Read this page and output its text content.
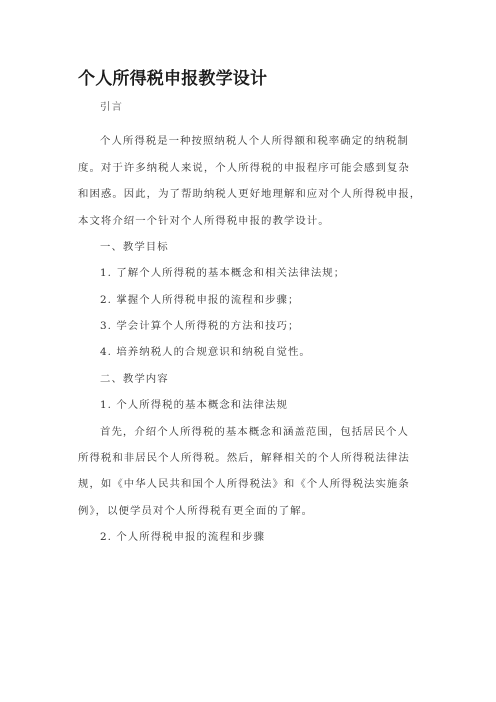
个人所得税申报教学设计
引言
个人所得税是一种按照纳税人个人所得额和税率确定的纳税制
度。对于许多纳税人来说，个人所得税的申报程序可能会感到复杂
和困惑。因此，为了帮助纳税人更好地理解和应对个人所得税申报，
本文将介绍一个针对个人所得税申报的教学设计。
一、教学目标
1. 了解个人所得税的基本概念和相关法律法规；
2. 掌握个人所得税申报的流程和步骤；
3. 学会计算个人所得税的方法和技巧；
4. 培养纳税人的合规意识和纳税自觉性。
二、教学内容
1. 个人所得税的基本概念和法律法规
首先，介绍个人所得税的基本概念和涵盖范围，包括居民个人
所得税和非居民个人所得税。然后，解释相关的个人所得税法律法
规，如《中华人民共和国个人所得税法》和《个人所得税法实施条
例》，以便学员对个人所得税有更全面的了解。
2. 个人所得税申报的流程和步骤
